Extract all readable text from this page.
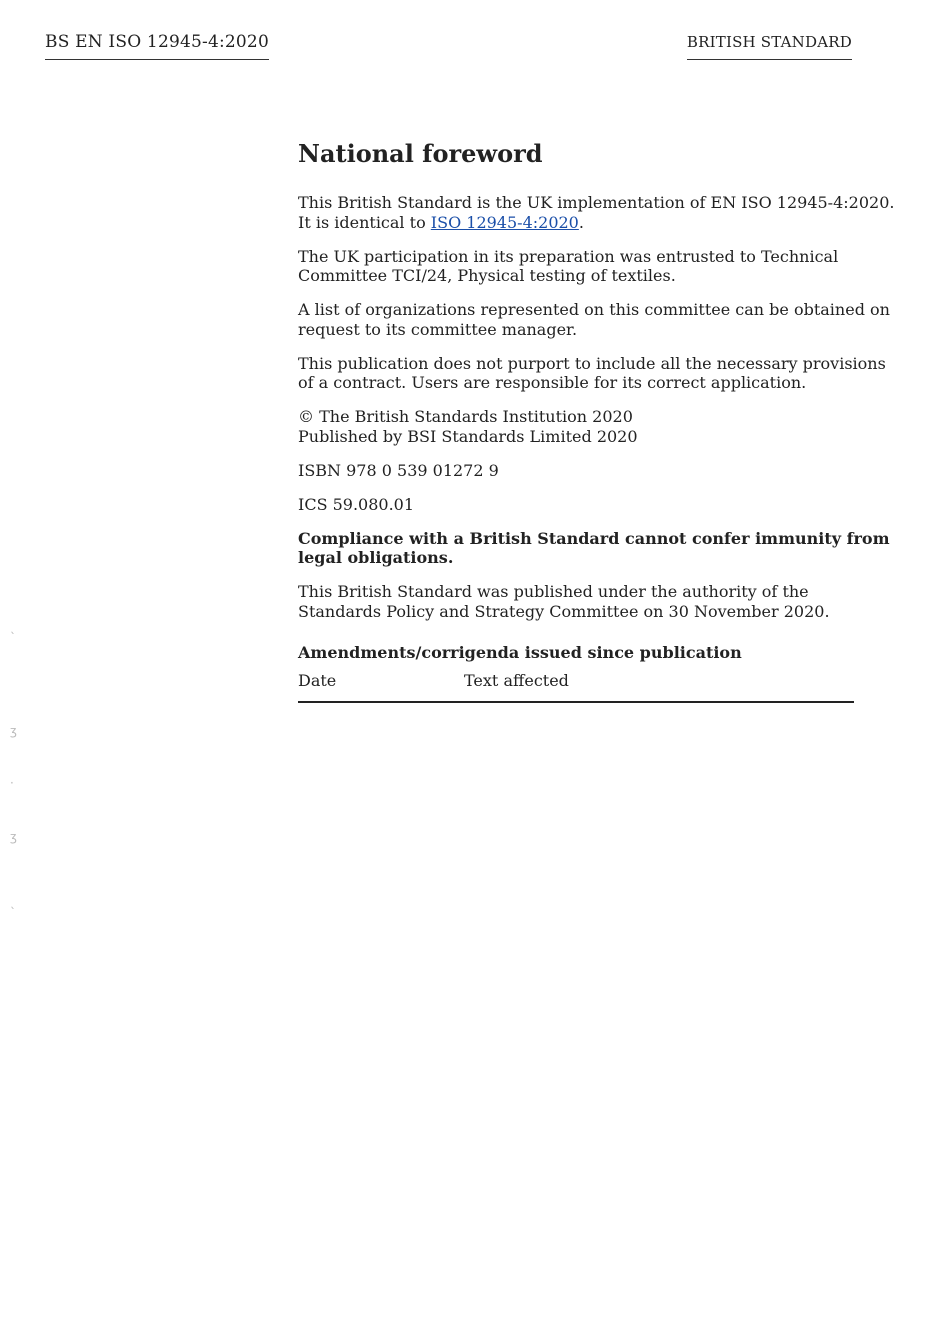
BS EN ISO 12945-4:2020	BRITISH STANDARD
ˎ
ʒ
·
ʒ
ˎ
National foreword

This British Standard is the UK implementation of EN ISO 12945-4:2020.
It is identical to ISO 12945-4:2020.

The UK participation in its preparation was entrusted to Technical
Committee TCI/24, Physical testing of textiles.

A list of organizations represented on this committee can be obtained on
request to its committee manager.

This publication does not purport to include all the necessary provisions
of a contract. Users are responsible for its correct application.

© The British Standards Institution 2020
Published by BSI Standards Limited 2020

ISBN 978 0 539 01272 9

ICS 59.080.01

Compliance with a British Standard cannot confer immunity from
legal obligations.

This British Standard was published under the authority of the
Standards Policy and Strategy Committee on 30 November 2020.

Amendments/corrigenda issued since publication
Date	Text affected
